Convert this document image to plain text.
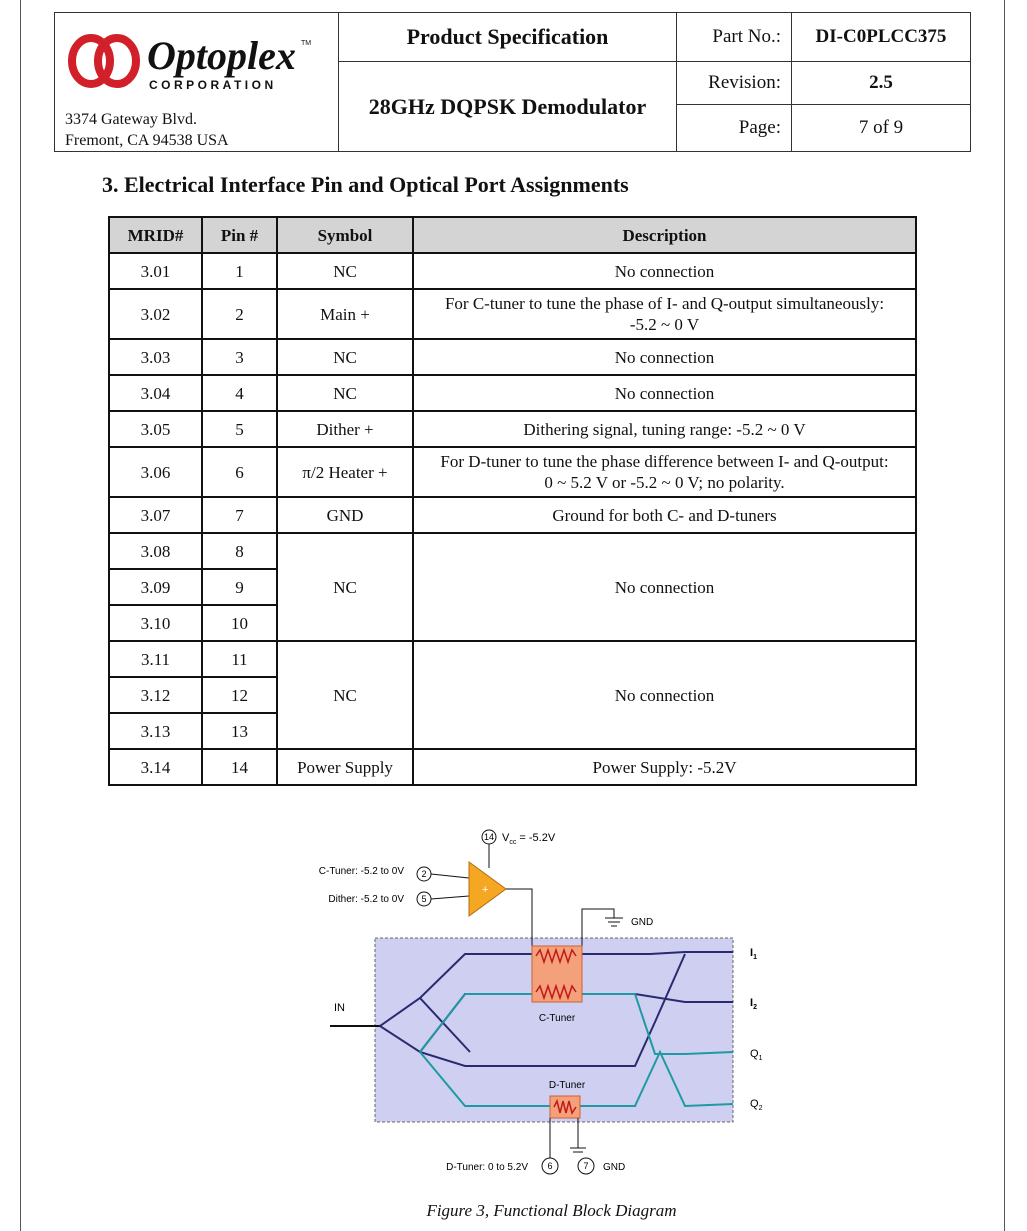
Optoplex TM
CORPORATION
3374 Gateway Blvd.
Fremont, CA 94538 USA	Product Specification	Part No.:	DI-C0PLCC375
	28GHz DQPSK Demodulator	Revision:	2.5
		Page:	7 of 9
3. Electrical Interface Pin and Optical Port Assignments
MRID#	Pin #	Symbol	Description
3.01	1	NC	No connection
3.02	2	Main +	For C-tuner to tune the phase of I- and Q-output simultaneously:
-5.2 ~ 0 V

3.03	3	NC	No connection
3.04	4	NC	No connection
3.05	5	Dither +	Dithering signal, tuning range: -5.2 ~ 0 V
3.06	6	π/2 Heater +	For D-tuner to tune the phase difference between I- and Q-output:
0 ~ 5.2 V or -5.2 ~ 0 V; no polarity.

3.07	7	GND	Ground for both C- and D-tuners
3.08	8	NC	No connection
3.09	9		
3.10	10		
3.11	11	NC	No connection
3.12	12		
3.13	13		
3.14	14	Power Supply	Power Supply: -5.2V
14 $V_{cc} = -5.2V$
C-Tuner: -5.2 to 0V 2
Dither: -5.2 to 0V 5
+
GND
IN
C-Tuner
D-Tuner
$I_1$
$I_2$
$Q_1$
$Q_2$
D-Tuner: 0 to 5.2V 6	7 GND
Figure 3, Functional Block Diagram
